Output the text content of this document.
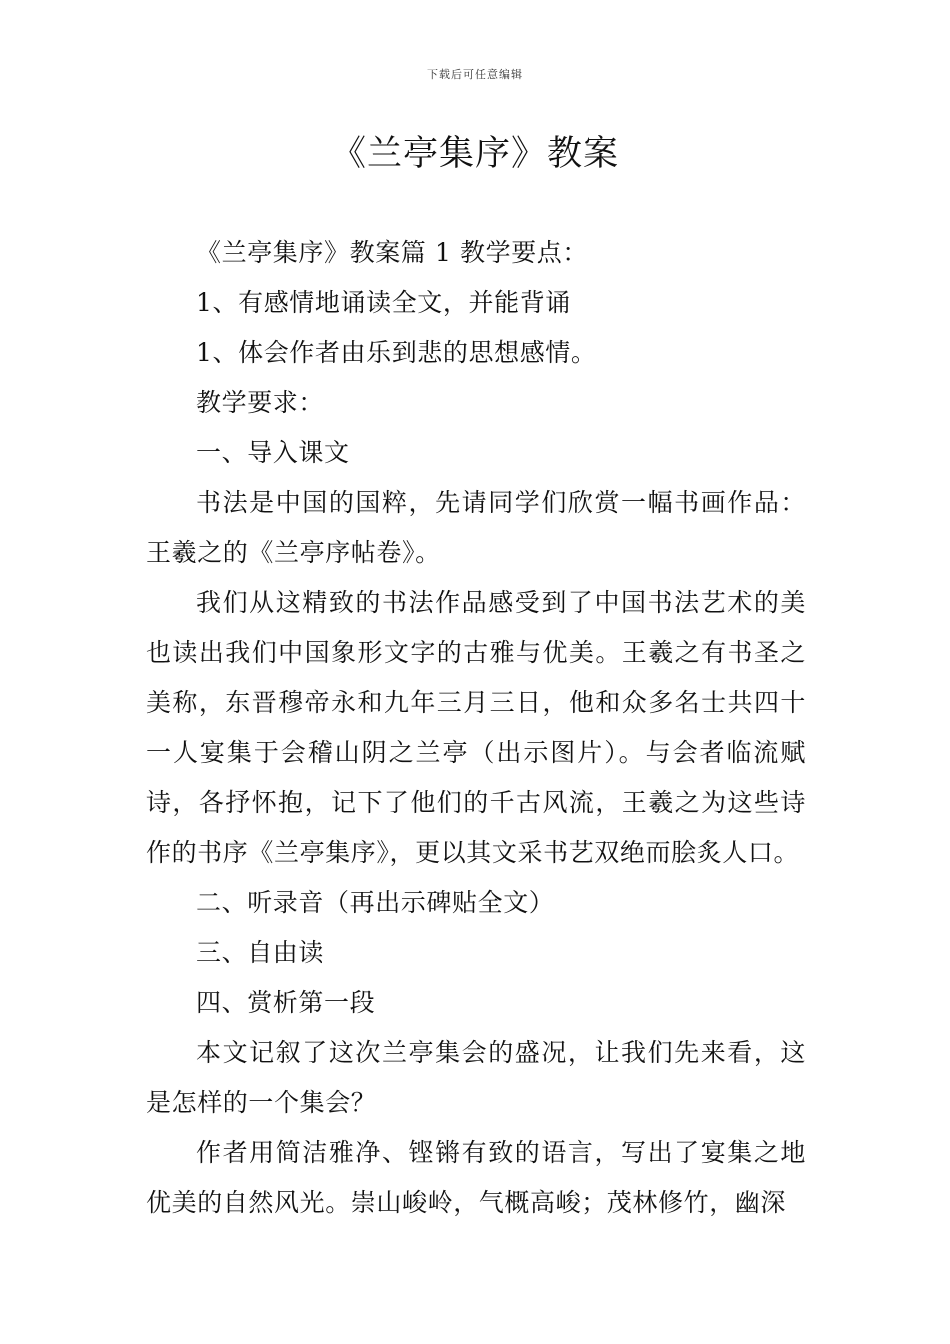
下载后可任意编辑
《兰亭集序》教案

《兰亭集序》教案篇 1 教学要点：

1、有感情地诵读全文，并能背诵

1、体会作者由乐到悲的思想感情。

教学要求：

一、导入课文

书法是中国的国粹，先请同学们欣赏一幅书画作品：王羲之的《兰亭序帖卷》。

我们从这精致的书法作品感受到了中国书法艺术的美也读出我们中国象形文字的古雅与优美。王羲之有书圣之美称，东晋穆帝永和九年三月三日，他和众多名士共四十一人宴集于会稽山阴之兰亭（出示图片）。与会者临流赋诗，各抒怀抱，记下了他们的千古风流，王羲之为这些诗作的书序《兰亭集序》，更以其文采书艺双绝而脍炙人口。

二、听录音（再出示碑贴全文）

三、自由读

四、赏析第一段

本文记叙了这次兰亭集会的盛况，让我们先来看，这是怎样的一个集会？

作者用简洁雅净、铿锵有致的语言，写出了宴集之地优美的自然风光。崇山峻岭，气概高峻；茂林修竹，幽深
